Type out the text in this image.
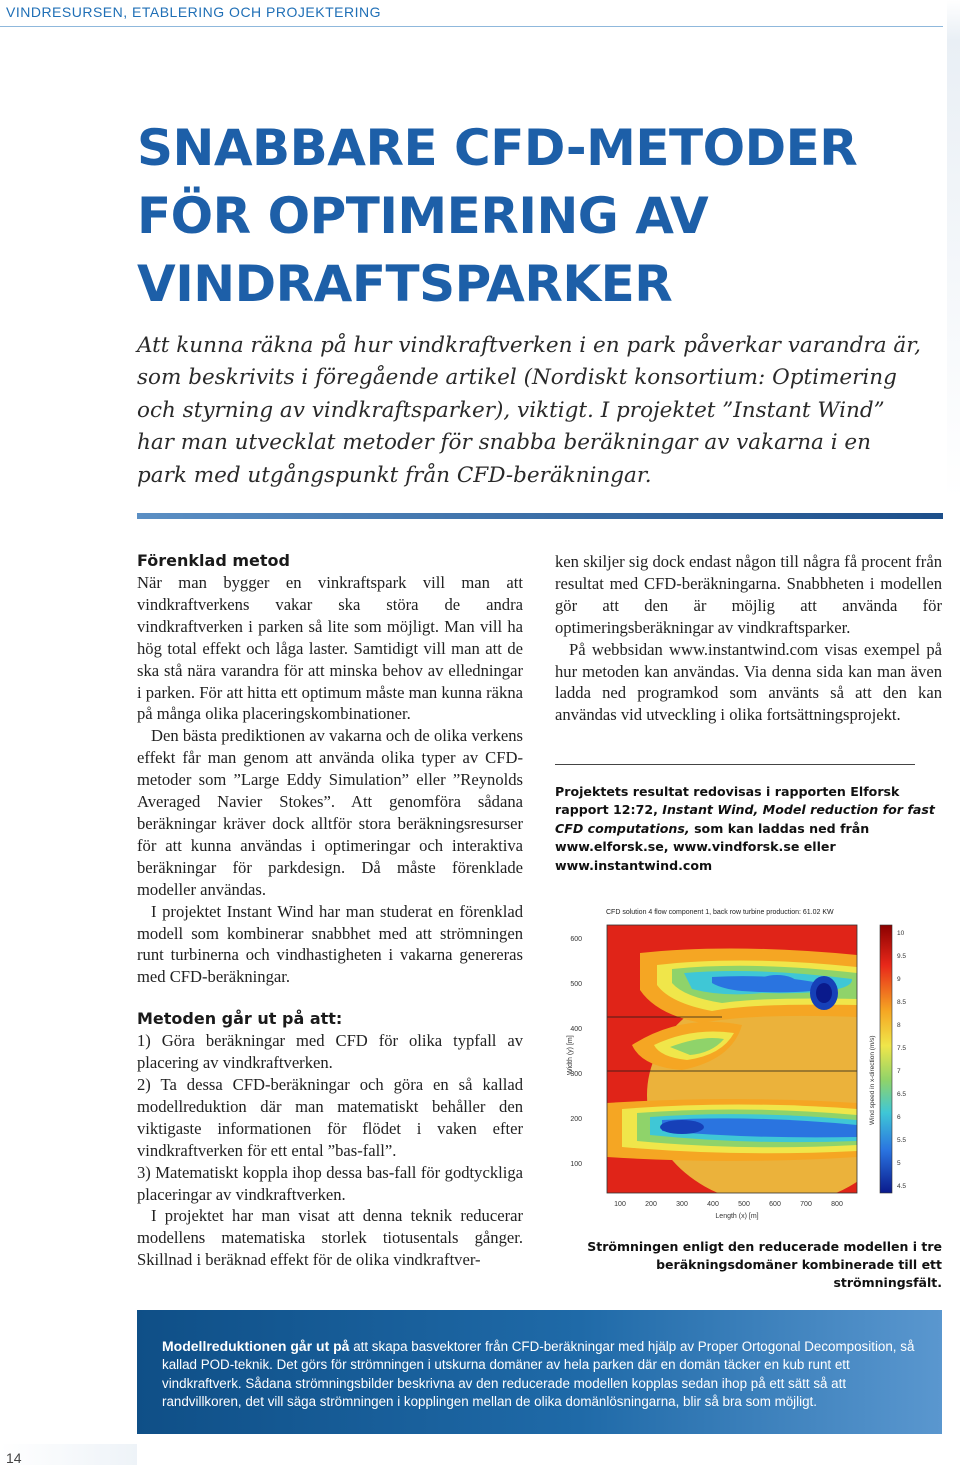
VINDRESURSEN, ETABLERING OCH PROJEKTERING
SNABBARE CFD-METODER
FÖR OPTIMERING AV
VINDRAFTSPARKER
Att kunna räkna på hur vindkraftverken i en park påverkar varandra är, som beskrivits i föregående artikel (Nordiskt konsortium: Optimering och styrning av vindkraftsparker), viktigt. I projektet ”Instant Wind” har man utvecklat metoder för snabba beräkningar av vakarna i en park med utgångspunkt från CFD-beräkningar.
Förenklad metod

När man bygger en vinkraftspark vill man att vindkraftverkens vakar ska störa de andra vindkraftverken i parken så lite som möjligt. Man vill ha hög total effekt och låga laster. Samtidigt vill man att de ska stå nära varandra för att minska behov av elledningar i parken. För att hitta ett optimum måste man kunna räkna på många olika placeringskombinationer.

Den bästa prediktionen av vakarna och de olika verkens effekt får man genom att använda olika typer av CFD-metoder som ”Large Eddy Simulation” eller ”Reynolds Averaged Navier Stokes”. Att genomföra sådana beräkningar kräver dock alltför stora beräkningsresurser för att kunna användas i optimeringar och interaktiva beräkningar för parkdesign. Då måste förenklade modeller användas.

I projektet Instant Wind har man studerat en förenklad modell som kombinerar snabbhet med att strömningen runt turbinerna och vindhastigheten i vakarna genereras med CFD-beräkningar.

Metoden går ut på att:

1) Göra beräkningar med CFD för olika typfall av placering av vindkraftverken.

2) Ta dessa CFD-beräkningar och göra en så kallad modellreduktion där man matematiskt behåller den viktigaste informationen för flödet i vaken efter vindkraftverken för ett ental ”bas-fall”.

3) Matematiskt koppla ihop dessa bas-fall för godtyckliga placeringar av vindkraftverken.

I projektet har man visat att denna teknik reducerar modellens matematiska storlek tiotusentals gånger. Skillnad i beräknad effekt för de olika vindkraftver-

ken skiljer sig dock endast någon till några få procent från resultat med CFD-beräkningarna. Snabbheten i modellen gör att den är möjlig att använda för optimeringsberäkningar av vindkraftsparker.

På webbsidan www.instantwind.com visas exempel på hur metoden kan användas. Via denna sida kan man även ladda ned programkod som använts så att den kan användas vid utveckling i olika fortsättningsprojekt.

Projektets resultat redovisas i rapporten Elforsk rapport 12:72, Instant Wind, Model reduction for fast CFD computations, som kan laddas ned från www.elforsk.se, www.vindforsk.se eller www.instantwind.com
CFD solution 4 flow component 1, back row turbine production: 61.02 KW
600
500
400
300
200
100
Width (y) [m]
100	200	300	400	500	600	700	800
Length (x) [m]
Wind speed in x-direction (m/s)
10
9.5
9
8.5
8
7.5
7
6.5
6
5.5
5
4.5
Strömningen enligt den reducerade modellen i tre beräkningsdomäner kombinerade till ett strömningsfält.
Modellreduktionen går ut på att skapa basvektorer från CFD-beräkningar med hjälp av Proper Ortogonal Decomposition, så kallad POD-teknik. Det görs för strömningen i utskurna domäner av hela parken där en domän täcker en kub runt ett vindkraftverk. Sådana strömningsbilder beskrivna av den reducerade modellen kopplas sedan ihop på ett sätt så att randvillkoren, det vill säga strömningen i kopplingen mellan de olika domänlösningarna, blir så bra som möjligt.
14
